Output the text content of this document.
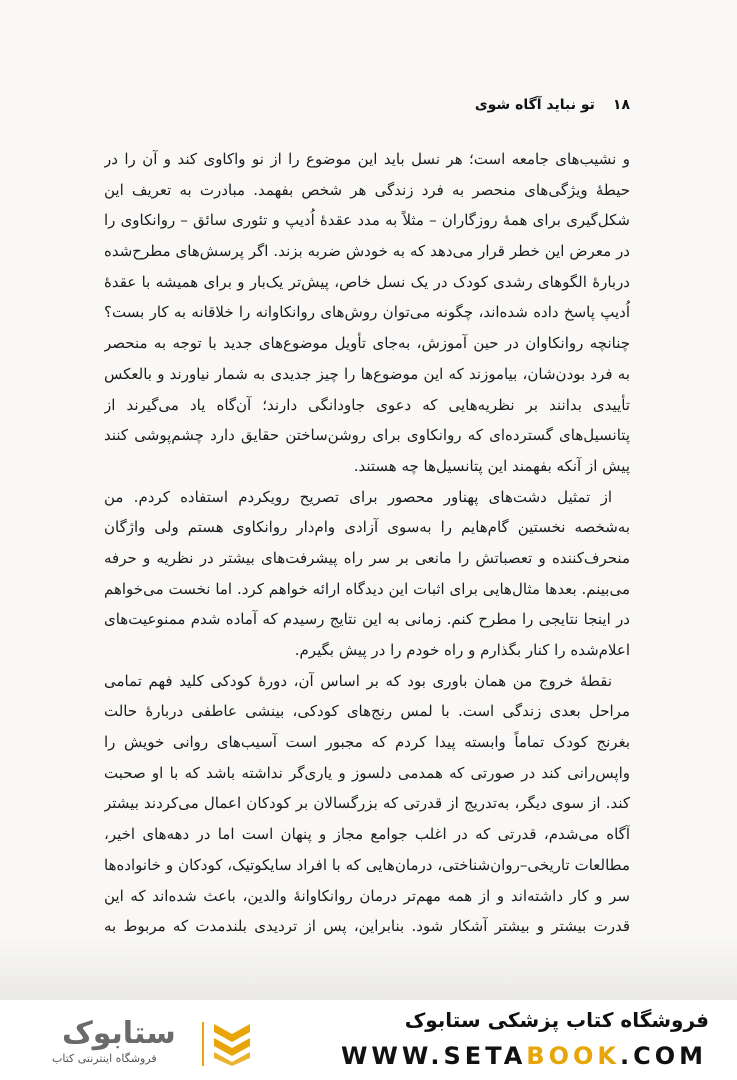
۱۸
تو نباید آگاه شوی
و نشیب‌های جامعه است؛ هر نسل باید این موضوع را از نو واکاوی کند و آن را در
حیطهٔ ویژگی‌های منحصر به فرد زندگی هر شخص بفهمد. مبادرت به تعریف این
شکل‌گیری برای همهٔ روزگاران – مثلاً به مدد عقدهٔ اُدیپ و تئوری سائق – روانکاوی را
در معرض این خطر قرار می‌دهد که به خودش ضربه بزند. اگر پرسش‌های مطرح‌شده
دربارهٔ الگوهای رشدی کودک در یک نسل خاص، پیش‌تر یک‌بار و برای همیشه با عقدهٔ
اُدیپ پاسخ داده شده‌اند، چگونه می‌توان روش‌های روانکاوانه را خلاقانه به کار بست؟
چنانچه روانکاوان در حین آموزش، به‌جای تأویل موضوع‌های جدید با توجه به منحصر
به فرد بودن‌شان، بیاموزند که این موضوع‌ها را چیز جدیدی به شمار نیاورند و بالعکس
تأییدی بدانند بر نظریه‌هایی که دعوی جاودانگی دارند؛ آن‌گاه یاد می‌گیرند از
پتانسیل‌های گسترده‌ای که روانکاوی برای روشن‌ساختن حقایق دارد چشم‌پوشی کنند
پیش از آنکه بفهمند این پتانسیل‌ها چه هستند.
از تمثیل دشت‌های پهناور محصور برای تصریح رویکردم استفاده کردم. من
به‌شخصه نخستین گام‌هایم را به‌سوی آزادی وام‌دار روانکاوی هستم ولی واژگان
منحرف‌کننده و تعصباتش را مانعی بر سر راه پیشرفت‌های بیشتر در نظریه و حرفه
می‌بینم. بعدها مثال‌هایی برای اثبات این دیدگاه ارائه خواهم کرد. اما نخست می‌خواهم
در اینجا نتایجی را مطرح کنم. زمانی به این نتایج رسیدم که آماده شدم ممنوعیت‌های
اعلام‌شده را کنار بگذارم و راه خودم را در پیش بگیرم.
نقطهٔ خروج من همان باوری بود که بر اساس آن، دورهٔ کودکی کلید فهم تمامی
مراحل بعدی زندگی است. با لمس رنج‌های کودکی، بینشی عاطفی دربارهٔ حالت
بغرنج کودک تماماً وابسته پیدا کردم که مجبور است آسیب‌های روانی خویش را
واپس‌رانی کند در صورتی که همدمی دلسوز و یاری‌گر نداشته باشد که با او صحبت
کند. از سوی دیگر، به‌تدریج از قدرتی که بزرگسالان بر کودکان اعمال می‌کردند بیشتر
آگاه می‌شدم، قدرتی که در اغلب جوامع مجاز و پنهان است اما در دهه‌های اخیر،
مطالعات تاریخی–روان‌شناختی، درمان‌هایی که با افراد سایکوتیک، کودکان و خانواده‌ها
سر و کار داشته‌اند و از همه مهم‌تر درمان روانکاوانهٔ والدین، باعث شده‌اند که این
قدرت بیشتر و بیشتر آشکار شود. بنابراین، پس از تردیدی بلندمدت که مربوط به
ستابوک
فروشگاه اینترنتی کتاب
فروشگاه کتاب پزشکی ستابوک
WWW.SETABOOK.COM
